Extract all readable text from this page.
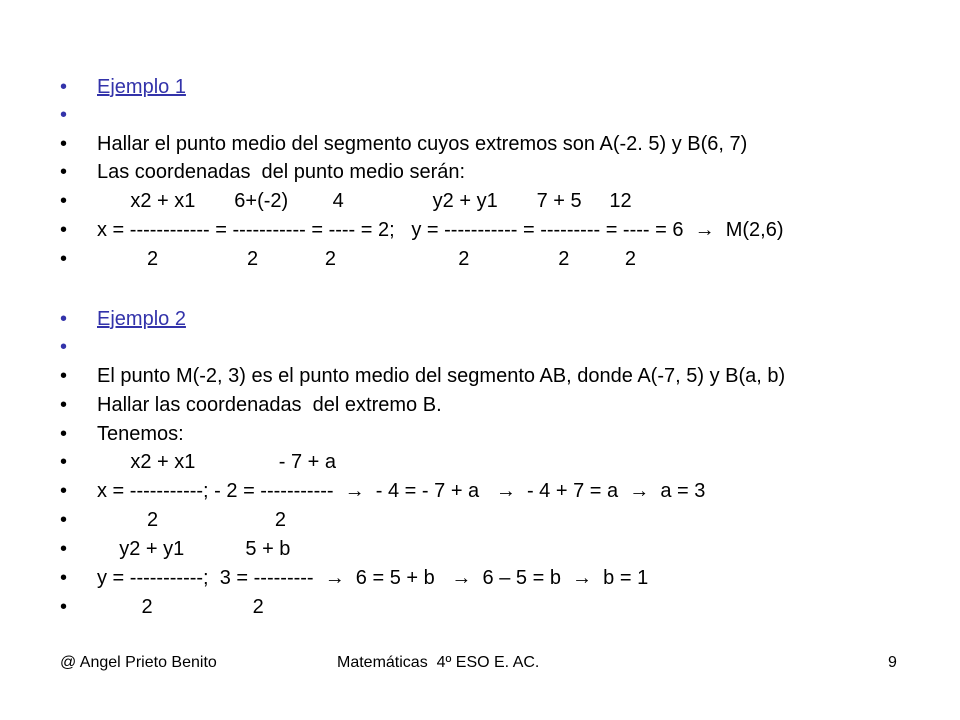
•

Ejemplo 1

•

•

Hallar el punto medio del segmento cuyos extremos son A(-2. 5) y B(6, 7)

•

Las coordenadas  del punto medio serán:

•

x2 + x1       6+(-2)        4                y2 + y1       7 + 5     12

•

x = ------------ = ----------- = ---- = 2;   y = ----------- = --------- = ---- = 6  →  M(2,6)

•

2                2            2                      2                2          2

•

Ejemplo 2

•

•

El punto M(-2, 3) es el punto medio del segmento AB, donde A(-7, 5) y B(a, b)

•

Hallar las coordenadas  del extremo B.

•

Tenemos:

•

x2 + x1               - 7 + a

•

x = -----------; - 2 = -----------  →  - 4 = - 7 + a   →  - 4 + 7 = a  →  a = 3

•

2                     2

•

y2 + y1           5 + b

•

y = -----------;  3 = ---------  →  6 = 5 + b   →  6 – 5 = b  →  b = 1

•

2                  2

@ Angel Prieto Benito	Matemáticas  4º ESO E. AC.	9
